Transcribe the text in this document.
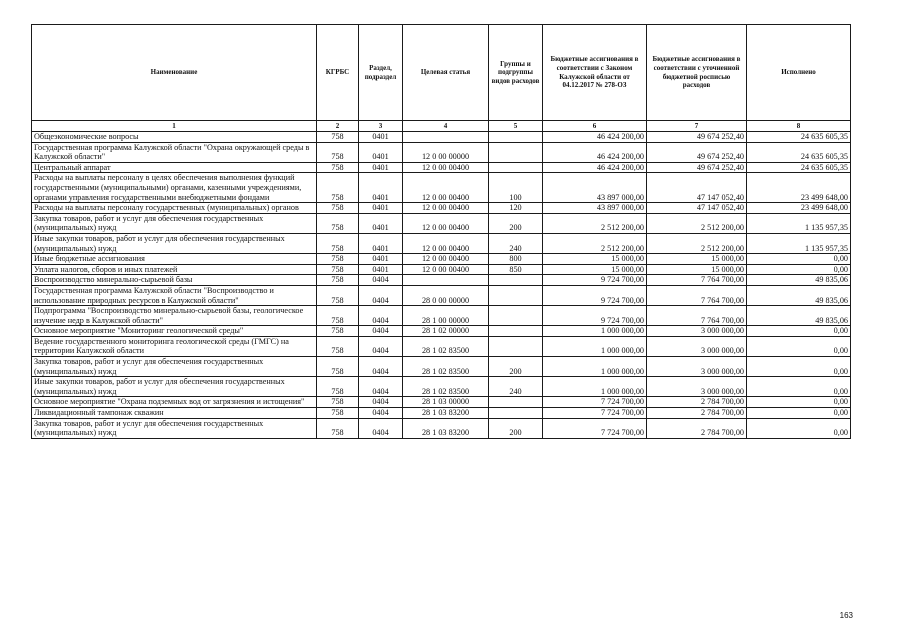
Наименование	КГРБС	Раздел, подраздел	Целевая статья	Группы и подгруппы видов расходов	Бюджетные ассигнования в соответствии с Законом Калужской области от 04.12.2017 № 278-ОЗ	Бюджетные ассигнования в соответствии с уточненной бюджетной росписью расходов	Исполнено
1	2	3	4	5	6	7	8
Общеэкономические вопросы	758	0401			46 424 200,00	49 674 252,40	24 635 605,35
Государственная программа Калужской области "Охрана окружающей среды в Калужской области"	758	0401	12 0 00 00000		46 424 200,00	49 674 252,40	24 635 605,35
Центральный аппарат	758	0401	12 0 00 00400		46 424 200,00	49 674 252,40	24 635 605,35
Расходы на выплаты персоналу в целях обеспечения выполнения функций государственными (муниципальными) органами, казенными учреждениями, органами управления государственными внебюджетными фондами	758	0401	12 0 00 00400	100	43 897 000,00	47 147 052,40	23 499 648,00
Расходы на выплаты персоналу государственных (муниципальных) органов	758	0401	12 0 00 00400	120	43 897 000,00	47 147 052,40	23 499 648,00
Закупка товаров, работ и услуг для обеспечения государственных (муниципальных) нужд	758	0401	12 0 00 00400	200	2 512 200,00	2 512 200,00	1 135 957,35
Иные закупки товаров, работ и услуг для обеспечения государственных (муниципальных) нужд	758	0401	12 0 00 00400	240	2 512 200,00	2 512 200,00	1 135 957,35
Иные бюджетные ассигнования	758	0401	12 0 00 00400	800	15 000,00	15 000,00	0,00
Уплата налогов, сборов и иных платежей	758	0401	12 0 00 00400	850	15 000,00	15 000,00	0,00
Воспроизводство минерально-сырьевой базы	758	0404			9 724 700,00	7 764 700,00	49 835,06
Государственная программа Калужской области "Воспроизводство и использование природных ресурсов в Калужской области"	758	0404	28 0 00 00000		9 724 700,00	7 764 700,00	49 835,06
Подпрограмма "Воспроизводство минерально-сырьевой базы, геологическое изучение недр в Калужской области"	758	0404	28 1 00 00000		9 724 700,00	7 764 700,00	49 835,06
Основное мероприятие "Мониторинг геологической среды"	758	0404	28 1 02 00000		1 000 000,00	3 000 000,00	0,00
Ведение государственного мониторинга геологической среды (ГМГС) на территории Калужской области	758	0404	28 1 02 83500		1 000 000,00	3 000 000,00	0,00
Закупка товаров, работ и услуг для обеспечения государственных (муниципальных) нужд	758	0404	28 1 02 83500	200	1 000 000,00	3 000 000,00	0,00
Иные закупки товаров, работ и услуг для обеспечения государственных (муниципальных) нужд	758	0404	28 1 02 83500	240	1 000 000,00	3 000 000,00	0,00
Основное мероприятие "Охрана подземных вод от загрязнения и истощения"	758	0404	28 1 03 00000		7 724 700,00	2 784 700,00	0,00
Ликвидационный тампонаж скважин	758	0404	28 1 03 83200		7 724 700,00	2 784 700,00	0,00
Закупка товаров, работ и услуг для обеспечения государственных (муниципальных) нужд	758	0404	28 1 03 83200	200	7 724 700,00	2 784 700,00	0,00
163
